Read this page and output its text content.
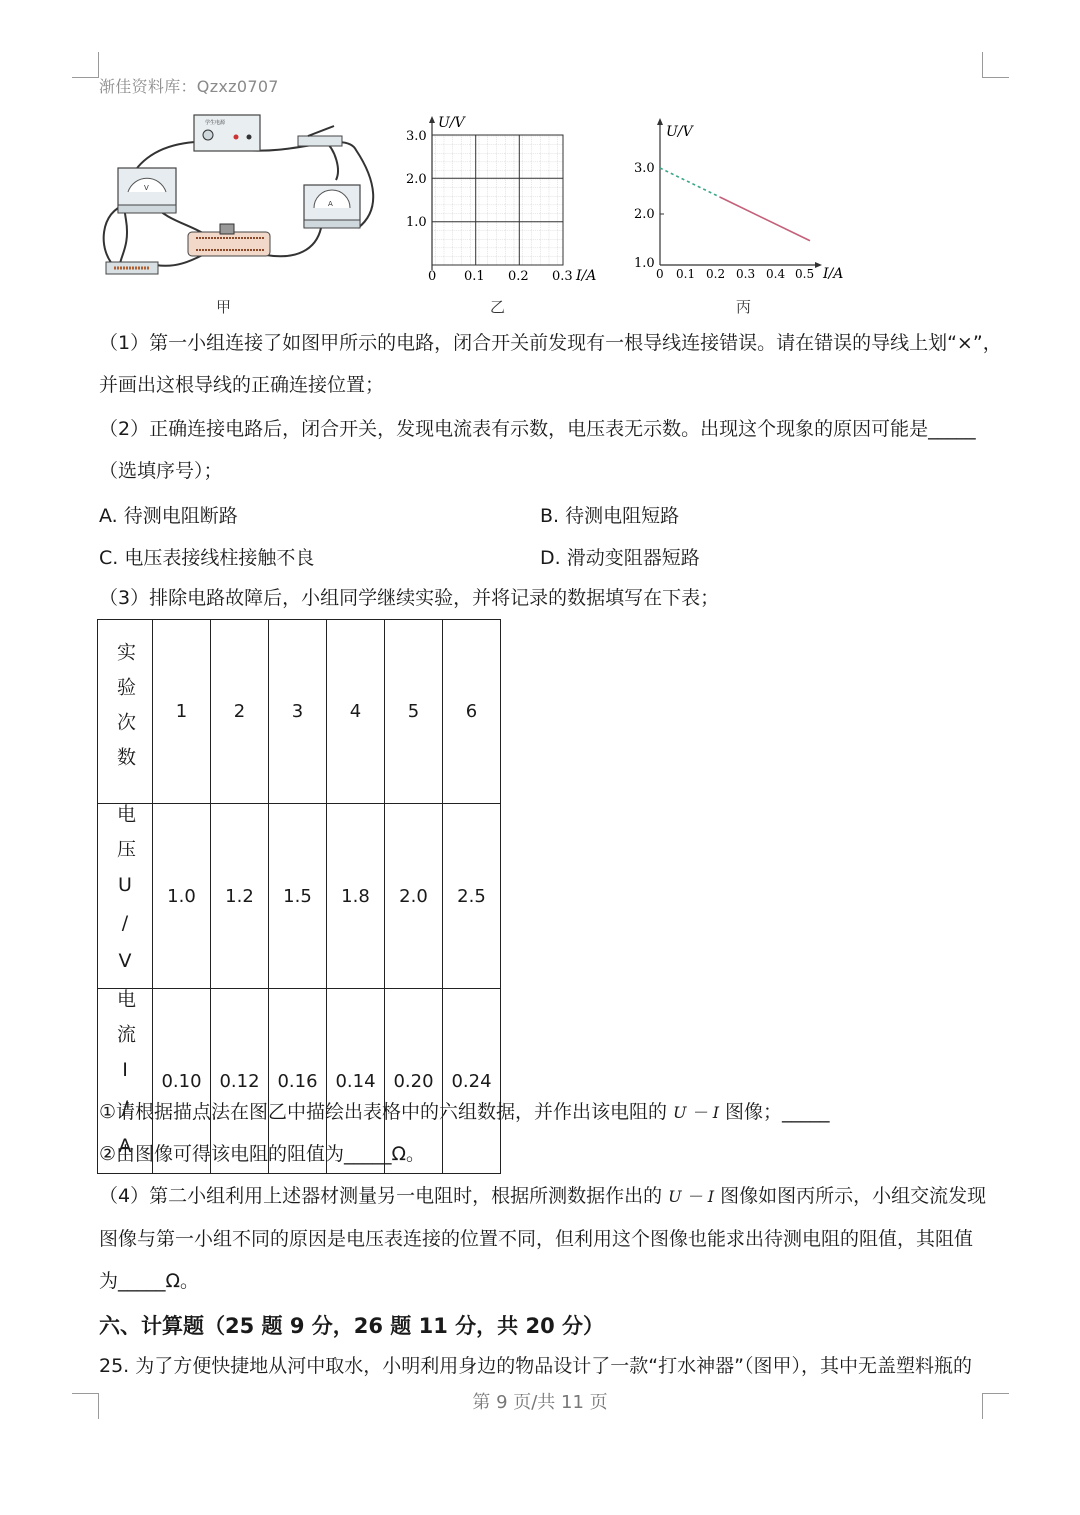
渐佳资料库：Qzxz0707
学生电源
V
A
甲
U/V
3.0
2.0
1.0
0 0.1 0.2 0.3 I/A
乙
U/V
3.0
2.0
1.0
0 0.1 0.2 0.3 0.4 0.5 I/A
丙
（1）第一小组连接了如图甲所示的电路，闭合开关前发现有一根导线连接错误。请在错误的导线上划“×”，
并画出这根导线的正确连接位置；
（2）正确连接电路后，闭合开关，发现电流表有示数，电压表无示数。出现这个现象的原因可能是_____
（选填序号）；
A. 待测电阻断路	B. 待测电阻短路
C. 电压表接线柱接触不良	D. 滑动变阻器短路
（3）排除电路故障后，小组同学继续实验，并将记录的数据填写在下表；
实验次数	1	2	3	4	5	6
电压U/V	1.0	1.2	1.5	1.8	2.0	2.5
电流I/A	0.10	0.12	0.16	0.14	0.20	0.24
①请根据描点法在图乙中描绘出表格中的六组数据，并作出该电阻的 U － I 图像；_____
②由图像可得该电阻的阻值为_____Ω。
（4）第二小组利用上述器材测量另一电阻时，根据所测数据作出的 U － I 图像如图丙所示，小组交流发现
图像与第一小组不同的原因是电压表连接的位置不同，但利用这个图像也能求出待测电阻的阻值，其阻值
为_____Ω。
六、计算题（25 题 9 分，26 题 11 分，共 20 分）
25. 为了方便快捷地从河中取水，小明利用身边的物品设计了一款“打水神器”（图甲），其中无盖塑料瓶的
第 9 页/共 11 页
